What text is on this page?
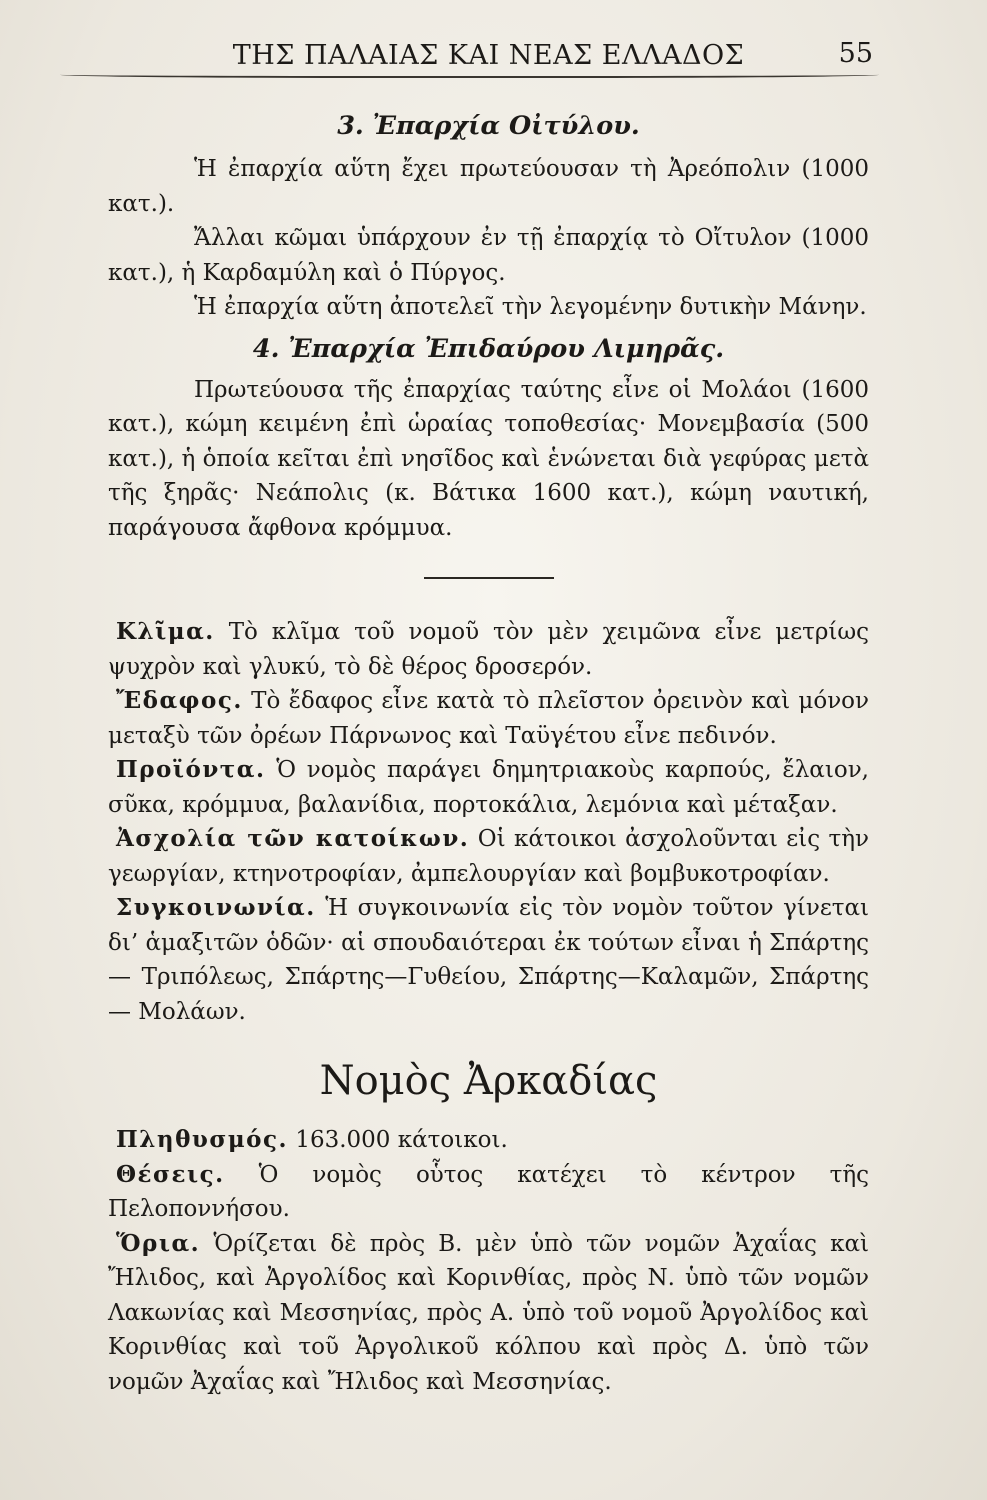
ΤΗΣ ΠΑΛΑΙΑΣ ΚΑΙ ΝΕΑΣ ΕΛΛΑΔΟΣ	55
3. Ἐπαρχία Οἰτύλου.

Ἡ ἐπαρχία αὕτη ἔχει πρωτεύουσαν τὴ Ἀρεόπολιν (1000 κατ.).

Ἄλλαι κῶμαι ὑπάρχουν ἐν τῇ ἐπαρχίᾳ τὸ Οἴτυλον (1000 κατ.), ἡ Καρδαμύλη καὶ ὁ Πύργος.

Ἡ ἐπαρχία αὕτη ἀποτελεῖ τὴν λεγομένην δυτικὴν Μάνην.

4. Ἐπαρχία Ἐπιδαύρου Λιμηρᾶς.

Πρωτεύουσα τῆς ἐπαρχίας ταύτης εἶνε οἱ Μολάοι (1600 κατ.), κώμη κειμένη ἐπὶ ὡραίας τοποθεσίας· Μονεμβασία (500 κατ.), ἡ ὁποία κεῖται ἐπὶ νησῖδος καὶ ἑνώνεται διὰ γεφύρας μετὰ τῆς ξηρᾶς· Νεάπολις (κ. Βάτικα 1600 κατ.), κώμη ναυτική, παράγουσα ἄφθονα κρόμμυα.

Κλῖμα. Τὸ κλῖμα τοῦ νομοῦ τὸν μὲν χειμῶνα εἶνε μετρίως ψυχρὸν καὶ γλυκύ, τὸ δὲ θέρος δροσερόν.

Ἔδαφος. Τὸ ἔδαφος εἶνε κατὰ τὸ πλεῖστον ὀρεινὸν καὶ μόνον μεταξὺ τῶν ὀρέων Πάρνωνος καὶ Ταϋγέτου εἶνε πεδινόν.

Προϊόντα. Ὁ νομὸς παράγει δημητριακοὺς καρπούς, ἔλαιον, σῦκα, κρόμμυα, βαλανίδια, πορτοκάλια, λεμόνια καὶ μέταξαν.

Ἀσχολία τῶν κατοίκων. Οἱ κάτοικοι ἀσχολοῦνται εἰς τὴν γεωργίαν, κτηνοτροφίαν, ἀμπελουργίαν καὶ βομβυκοτροφίαν.

Συγκοινωνία. Ἡ συγκοινωνία εἰς τὸν νομὸν τοῦτον γίνεται δι’ ἁμαξιτῶν ὁδῶν· αἱ σπουδαιότεραι ἐκ τούτων εἶναι ἡ Σπάρτης — Τριπόλεως, Σπάρτης—Γυθείου, Σπάρτης—Καλαμῶν, Σπάρτης— Μολάων.

Νομὸς Ἀρκαδίας

Πληθυσμός. 163.000 κάτοικοι.

Θέσεις. Ὁ νομὸς οὗτος κατέχει τὸ κέντρον τῆς Πελοποννήσου.

Ὅρια. Ὁρίζεται δὲ πρὸς Β. μὲν ὑπὸ τῶν νομῶν Ἀχαΐας καὶ Ἤλιδος, καὶ Ἀργολίδος καὶ Κορινθίας, πρὸς Ν. ὑπὸ τῶν νομῶν Λακωνίας καὶ Μεσσηνίας, πρὸς Α. ὑπὸ τοῦ νομοῦ Ἀργολίδος καὶ Κορινθίας καὶ τοῦ Ἀργολικοῦ κόλπου καὶ πρὸς Δ. ὑπὸ τῶν νομῶν Ἀχαΐας καὶ Ἤλιδος καὶ Μεσσηνίας.
